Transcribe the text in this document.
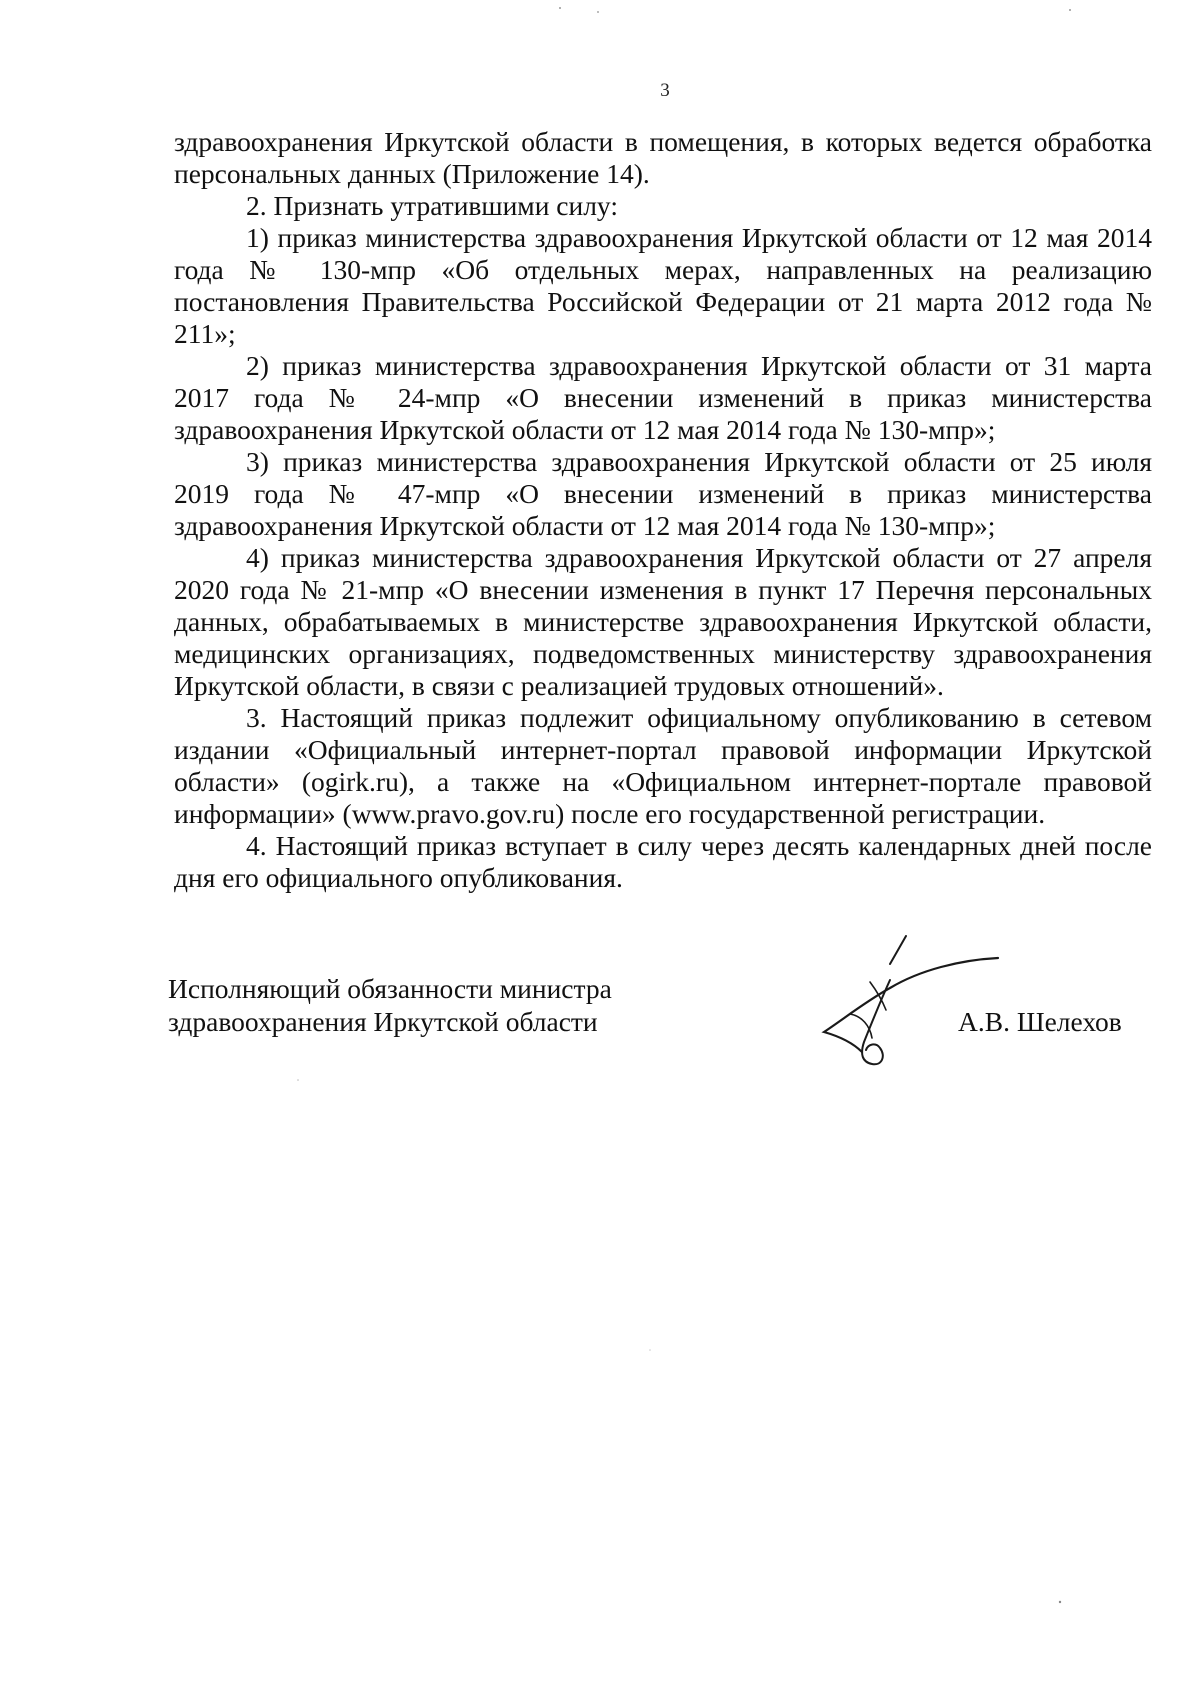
3

здравоохранения Иркутской области в помещения, в которых ведется обработка персональных данных (Приложение 14).

2. Признать утратившими силу:

1) приказ министерства здравоохранения Иркутской области от 12 мая 2014 года № 130-мпр «Об отдельных мерах, направленных на реализацию постановления Правительства Российской Федерации от 21 марта 2012 года № 211»;

2) приказ министерства здравоохранения Иркутской области от 31 марта 2017 года № 24-мпр «О внесении изменений в приказ министерства здравоохранения Иркутской области от 12 мая 2014 года № 130-мпр»;

3) приказ министерства здравоохранения Иркутской области от 25 июля 2019 года № 47-мпр «О внесении изменений в приказ министерства здравоохранения Иркутской области от 12 мая 2014 года № 130-мпр»;

4) приказ министерства здравоохранения Иркутской области от 27 апреля 2020 года № 21-мпр «О внесении изменения в пункт 17 Перечня персональных данных, обрабатываемых в министерстве здравоохранения Иркутской области, медицинских организациях, подведомственных министерству здравоохранения Иркутской области, в связи с реализацией трудовых отношений».

3. Настоящий приказ подлежит официальному опубликованию в сетевом издании «Официальный интернет-портал правовой информации Иркутской области» (ogirk.ru), а также на «Официальном интернет-портале правовой информации» (www.pravo.gov.ru) после его государственной регистрации.

4. Настоящий приказ вступает в силу через десять календарных дней после дня его официального опубликования.

Исполняющий обязанности министра
здравоохранения Иркутской области	А.В. Шелехов
